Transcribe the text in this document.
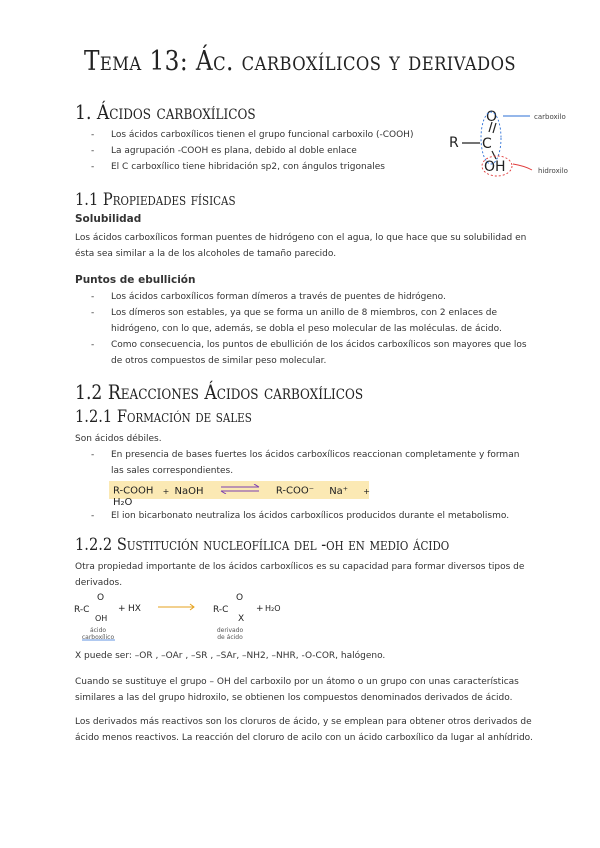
Tema 13: Ác. carboxílicos y derivados
1. Ácidos carboxílicos
- Los ácidos carboxílicos tienen el grupo funcional carboxilo (-COOH)
- La agrupación -COOH es plana, debido al doble enlace
- El C carboxílico tiene hibridación sp2, con ángulos trigonales
R C
O
OH
carboxilo
hidroxilo
1.1 Propiedades físicas
Solubilidad
Los ácidos carboxílicos forman puentes de hidrógeno con el agua, lo que hace que su solubilidad en
ésta sea similar a la de los alcoholes de tamaño parecido.
Puntos de ebullición
- Los ácidos carboxílicos forman dímeros a través de puentes de hidrógeno.
- Los dímeros son estables, ya que se forma un anillo de 8 miembros, con 2 enlaces de hidrógeno, con lo que, además, se dobla el peso molecular de las moléculas. de ácido.
- Como consecuencia, los puntos de ebullición de los ácidos carboxílicos son mayores que los de otros compuestos de similar peso molecular.
1.2 Reacciones Ácidos carboxílicos
1.2.1 Formación de sales
Son ácidos débiles.
- En presencia de bases fuertes los ácidos carboxílicos reaccionan completamente y forman las sales correspondientes.
R-COOH + NaOH	R-COO⁻ Na⁺ + H₂O
- El ion bicarbonato neutraliza los ácidos carboxílicos producidos durante el metabolismo.
1.2.2 Sustitución nucleofílica del -oh en medio ácido
Otra propiedad importante de los ácidos carboxílicos es su capacidad para formar diversos tipos de derivados.
R-C
O
OH
+ HX	R-C
O
X
+ H₂O
ácido
carboxílico
derivado
de ácido
X puede ser: –OR , –OAr , –SR , –SAr, –NH2, –NHR, -O-COR, halógeno.
Cuando se sustituye el grupo – OH del carboxilo por un átomo o un grupo con unas características similares a las del grupo hidroxilo, se obtienen los compuestos denominados derivados de ácido.
Los derivados más reactivos son los cloruros de ácido, y se emplean para obtener otros derivados de ácido menos reactivos. La reacción del cloruro de acilo con un ácido carboxílico da lugar al anhídrido.
